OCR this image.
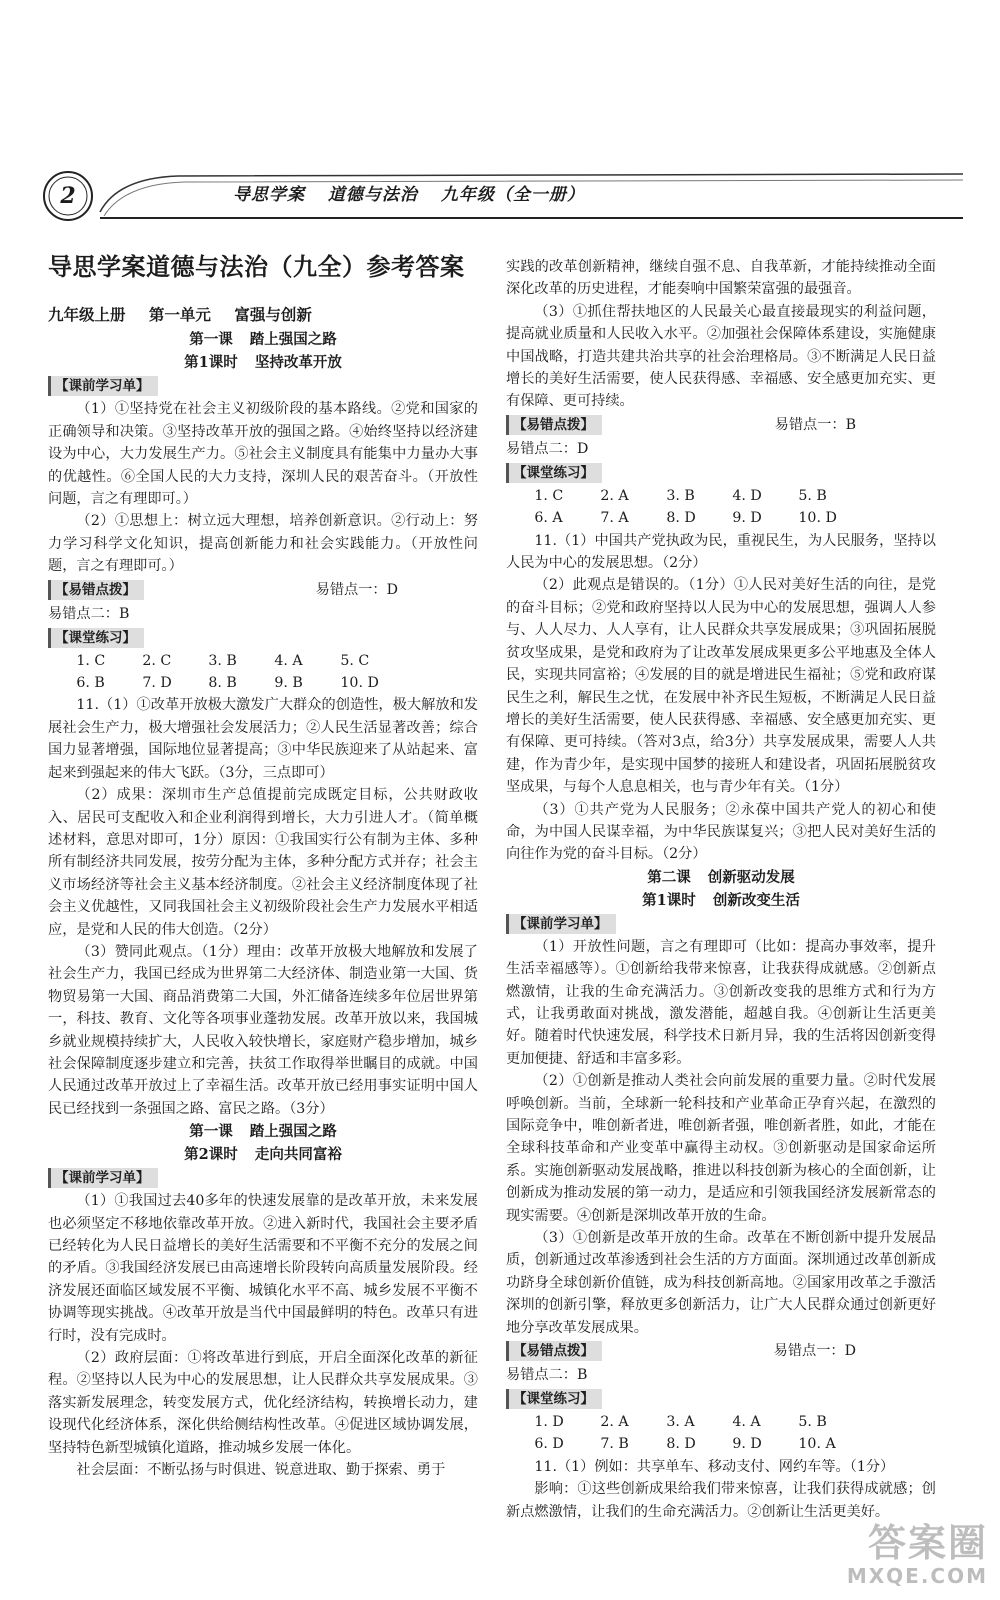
2	导思学案 道德与法治 九年级（全一册）
导思学案道德与法治（九全）参考答案
九年级上册 第一单元 富强与创新
第一课 踏上强国之路
第1课时 坚持改革开放
【课前学习单】

（1）①坚持党在社会主义初级阶段的基本路线。②党和国家的正确领导和决策。③坚持改革开放的强国之路。④始终坚持以经济建设为中心，大力发展生产力。⑤社会主义制度具有能集中力量办大事的优越性。⑥全国人民的大力支持，深圳人民的艰苦奋斗。（开放性问题，言之有理即可。）

（2）①思想上：树立远大理想，培养创新意识。②行动上：努力学习科学文化知识，提高创新能力和社会实践能力。（开放性问题，言之有理即可。）

【易错点拨】	易错点一：D易错点二：B
【课堂练习】
1. C	2. C	3. B	4. A	5. C
6. B	7. D	8. B	9. B	10. D

11.（1）①改革开放极大激发广大群众的创造性，极大解放和发展社会生产力，极大增强社会发展活力；②人民生活显著改善；综合国力显著增强，国际地位显著提高；③中华民族迎来了从站起来、富起来到强起来的伟大飞跃。（3分，三点即可）

（2）成果：深圳市生产总值提前完成既定目标，公共财政收入、居民可支配收入和企业利润得到增长，大力引进人才。（简单概述材料，意思对即可，1分）原因：①我国实行公有制为主体、多种所有制经济共同发展，按劳分配为主体，多种分配方式并存；社会主义市场经济等社会主义基本经济制度。②社会主义经济制度体现了社会主义优越性，又同我国社会主义初级阶段社会生产力发展水平相适应，是党和人民的伟大创造。（2分）

（3）赞同此观点。（1分）理由：改革开放极大地解放和发展了社会生产力，我国已经成为世界第二大经济体、制造业第一大国、货物贸易第一大国、商品消费第二大国，外汇储备连续多年位居世界第一，科技、教育、文化等各项事业蓬勃发展。改革开放以来，我国城乡就业规模持续扩大，人民收入较快增长，家庭财产稳步增加，城乡社会保障制度逐步建立和完善，扶贫工作取得举世瞩目的成就。中国人民通过改革开放过上了幸福生活。改革开放已经用事实证明中国人民已经找到一条强国之路、富民之路。（3分）

第一课 踏上强国之路
第2课时 走向共同富裕
【课前学习单】

（1）①我国过去40多年的快速发展靠的是改革开放，未来发展也必须坚定不移地依靠改革开放。②进入新时代，我国社会主要矛盾已经转化为人民日益增长的美好生活需要和不平衡不充分的发展之间的矛盾。③我国经济发展已由高速增长阶段转向高质量发展阶段。经济发展还面临区域发展不平衡、城镇化水平不高、城乡发展不平衡不协调等现实挑战。④改革开放是当代中国最鲜明的特色。改革只有进行时，没有完成时。

（2）政府层面：①将改革进行到底，开启全面深化改革的新征程。②坚持以人民为中心的发展思想，让人民群众共享发展成果。③落实新发展理念，转变发展方式，优化经济结构，转换增长动力，建设现代化经济体系，深化供给侧结构性改革。④促进区域协调发展，坚持特色新型城镇化道路，推动城乡发展一体化。

社会层面：不断弘扬与时俱进、锐意进取、勤于探索、勇于

实践的改革创新精神，继续自强不息、自我革新，才能持续推动全面深化改革的历史进程，才能奏响中国繁荣富强的最强音。

（3）①抓住帮扶地区的人民最关心最直接最现实的利益问题，提高就业质量和人民收入水平。②加强社会保障体系建设，实施健康中国战略，打造共建共治共享的社会治理格局。③不断满足人民日益增长的美好生活需要，使人民获得感、幸福感、安全感更加充实、更有保障、更可持续。

【易错点拨】	易错点一：B易错点二：D
【课堂练习】
1. C	2. A	3. B	4. D	5. B
6. A	7. A	8. D	9. D	10. D

11.（1）中国共产党执政为民，重视民生，为人民服务，坚持以人民为中心的发展思想。（2分）

（2）此观点是错误的。（1分）①人民对美好生活的向往，是党的奋斗目标；②党和政府坚持以人民为中心的发展思想，强调人人参与、人人尽力、人人享有，让人民群众共享发展成果；③巩固拓展脱贫攻坚成果，是党和政府为了让改革发展成果更多公平地惠及全体人民，实现共同富裕；④发展的目的就是增进民生福祉；⑤党和政府谋民生之利，解民生之忧，在发展中补齐民生短板，不断满足人民日益增长的美好生活需要，使人民获得感、幸福感、安全感更加充实、更有保障、更可持续。（答对3点，给3分）共享发展成果，需要人人共建，作为青少年，是实现中国梦的接班人和建设者，巩固拓展脱贫攻坚成果，与每个人息息相关，也与青少年有关。（1分）

（3）①共产党为人民服务；②永葆中国共产党人的初心和使命，为中国人民谋幸福，为中华民族谋复兴；③把人民对美好生活的向往作为党的奋斗目标。（2分）

第二课 创新驱动发展
第1课时 创新改变生活
【课前学习单】

（1）开放性问题，言之有理即可（比如：提高办事效率，提升生活幸福感等）。①创新给我带来惊喜，让我获得成就感。②创新点燃激情，让我的生命充满活力。③创新改变我的思维方式和行为方式，让我勇敢面对挑战，激发潜能，超越自我。④创新让生活更美好。随着时代快速发展，科学技术日新月异，我的生活将因创新变得更加便捷、舒适和丰富多彩。

（2）①创新是推动人类社会向前发展的重要力量。②时代发展呼唤创新。当前，全球新一轮科技和产业革命正孕育兴起，在激烈的国际竞争中，唯创新者进，唯创新者强，唯创新者胜，如此，才能在全球科技革命和产业变革中赢得主动权。③创新驱动是国家命运所系。实施创新驱动发展战略，推进以科技创新为核心的全面创新，让创新成为推动发展的第一动力，是适应和引领我国经济发展新常态的现实需要。④创新是深圳改革开放的生命。

（3）①创新是改革开放的生命。改革在不断创新中提升发展品质，创新通过改革渗透到社会生活的方方面面。深圳通过改革创新成功跻身全球创新价值链，成为科技创新高地。②国家用改革之手激活深圳的创新引擎，释放更多创新活力，让广大人民群众通过创新更好地分享改革发展成果。

【易错点拨】	易错点一：D易错点二：B
【课堂练习】
1. D	2. A	3. A	4. A	5. B
6. D	7. B	8. D	9. D	10. A

11.（1）例如：共享单车、移动支付、网约车等。（1分）

影响：①这些创新成果给我们带来惊喜，让我们获得成就感；创新点燃激情，让我们的生命充满活力。②创新让生活更美好。

答案圈
MXQE.COM
